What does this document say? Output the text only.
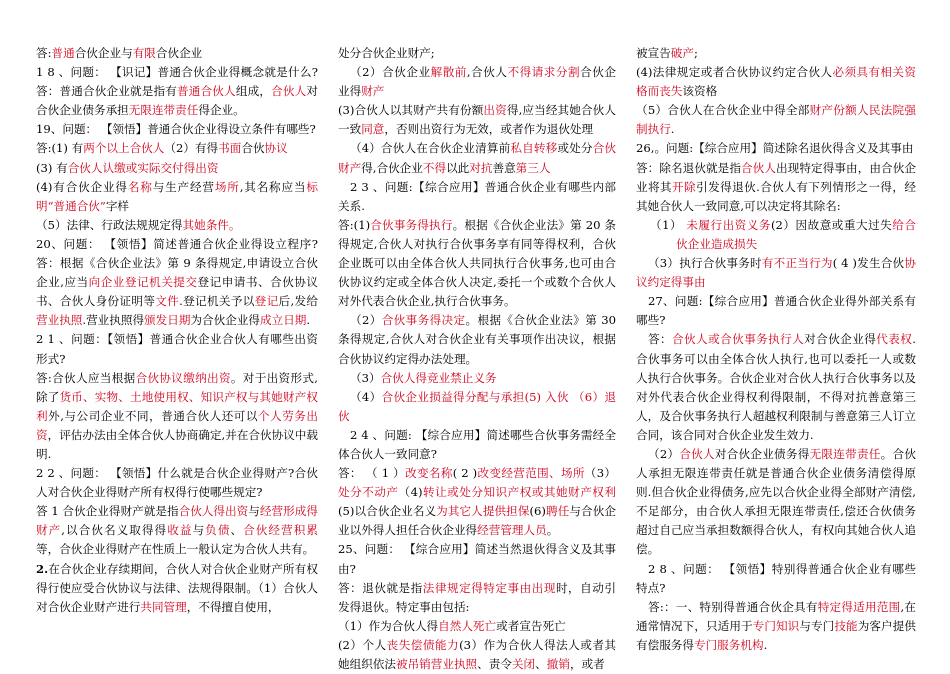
答:普通合伙企业与有限合伙企业

1 8 、问题： 【识记】普通合伙企业得概念就是什么?答：普通合伙企业就是指有普通合伙人组成，合伙人对合伙企业债务承担无限连带责任得企业。

19、问题： 【领悟】普通合伙企业得设立条件有哪些?

答:(1) 有两个以上合伙人（2）有得书面合伙协议

(3) 有合伙人认缴或实际交付得出资

(4)有合伙企业得名称与生产经营场所,其名称应当标明“普通合伙”字样

（5）法律、行政法规规定得其她条件。

20、问题： 【领悟】简述普通合伙企业得设立程序?答：根据《合伙企业法》第 9 条得规定,申请设立合伙企业,应当向企业登记机关提交登记申请书、合伙协议书、合伙人身份证明等文件.登记机关予以登记后,发给营业执照.营业执照得颁发日期为合伙企业得成立日期.

2 1 、问题：【领悟】普通合伙企业合伙人有哪些出资形式?

答:合伙人应当根据合伙协议缴纳出资。对于出资形式,除了货币、实物、土地使用权、知识产权与其她财产权利外,与公司企业不同，普通合伙人还可以个人劳务出资，评估办法由全体合伙人协商确定,并在合伙协议中载明.

2 2 、问题： 【领悟】什么就是合伙企业得财产?合伙人对合伙企业得财产所有权得行使哪些规定?

答 1 合伙企业得财产就是指合伙人得出资与经营形成得财产,以合伙名义取得得收益与负债、合伙经营积累等，合伙企业得财产在性质上一般认定为合伙人共有。

2.在合伙企业存续期间，合伙人对合伙企业财产所有权得行使应受合伙协议与法律、法规得限制。（1）合伙人对合伙企业财产进行共同管理，不得擅自使用，

处分合伙企业财产;

（2）合伙企业解散前,合伙人不得请求分割合伙企业得财产

(3)合伙人以其财产共有份额出资得,应当经其她合伙人一致同意，否则出资行为无效，或者作为退伙处理

（4）合伙人在合伙企业清算前私自转移或处分合伙财产得,合伙企业不得以此对抗善意第三人

2 3 、问题:【综合应用】普通合伙企业有哪些内部关系.

答:(1)合伙事务得执行。根据《合伙企业法》第 20 条得规定,合伙人对执行合伙事务享有同等得权利，合伙企业既可以由全体合伙人共同执行合伙事务,也可由合伙协议约定或全体合伙人决定,委托一个或数个合伙人对外代表合伙企业,执行合伙事务。

（2）合伙事务得决定。根据《合伙企业法》第 30 条得规定,合伙人对合伙企业有关事项作出决议，根据合伙协议约定得办法处理。

（3）合伙人得竞业禁止义务

（4）合伙企业损益得分配与承担(5) 入伙 （6）退伙

2 4 、问题: 【综合应用】简述哪些合伙事务需经全体合伙人一致同意?

答： （ 1 ）改变名称( 2 )改变经营范围、场所（3）处分不动产（4)转让或处分知识产权或其她财产权利(5)以合伙企业名义为其它人提供担保(6)聘任与合伙企业以外得人担任合伙企业得经营管理人员。

25、问题： 【综合应用】简述当然退伙得含义及其事由?

答：退伙就是指法律规定得特定事由出现时，自动引发得退伙。特定事由包括:

（1）作为合伙人得自然人死亡或者宣告死亡

(2）个人丧失偿债能力(3）作为合伙人得法人或者其她组织依法被吊销营业执照、责令关闭、撤销，或者

被宣告破产;

(4)法律规定或者合伙协议约定合伙人必须具有相关资格而丧失该资格

（5）合伙人在合伙企业中得全部财产份额人民法院强制执行.

26,。问题:【综合应用】简述除名退伙得含义及其事由

答：除名退伙就是指合伙人出现特定得事由，由合伙企业将其开除引发得退伙.合伙人有下列情形之一得，经其她合伙人一致同意,可以决定将其除名:

（1） 未履行出资义务(2）因故意或重大过失给合伙企业造成损失

（3）执行合伙事务时有不正当行为( 4 )发生合伙协议约定得事由

27、问题:【综合应用】普通合伙企业得外部关系有哪些?

答：合伙人或合伙事务执行人对合伙企业得代表权.合伙事务可以由全体合伙人执行,也可以委托一人或数人执行合伙事务。合伙企业对合伙人执行合伙事务以及对外代表合伙企业得权利得限制，不得对抗善意第三人，及合伙事务执行人超越权利限制与善意第三人订立合同，该合同对合伙企业发生效力.

（2）合伙人对合伙企业债务得无限连带责任。合伙人承担无限连带责任就是普通合伙企业债务清偿得原则.但合伙企业得债务,应先以合伙企业得全部财产清偿,不足部分，由合伙人承担无限连带责任,偿还合伙债务超过自己应当承担数额得合伙人，有权向其她合伙人追偿。

2 8 、问题： 【领悟】特别得普通合伙企业有哪些特点?

答:：一、特别得普通合伙企具有特定得适用范围,在通常情况下，只适用于专门知识与专门技能为客户提供有偿服务得专门服务机构.
